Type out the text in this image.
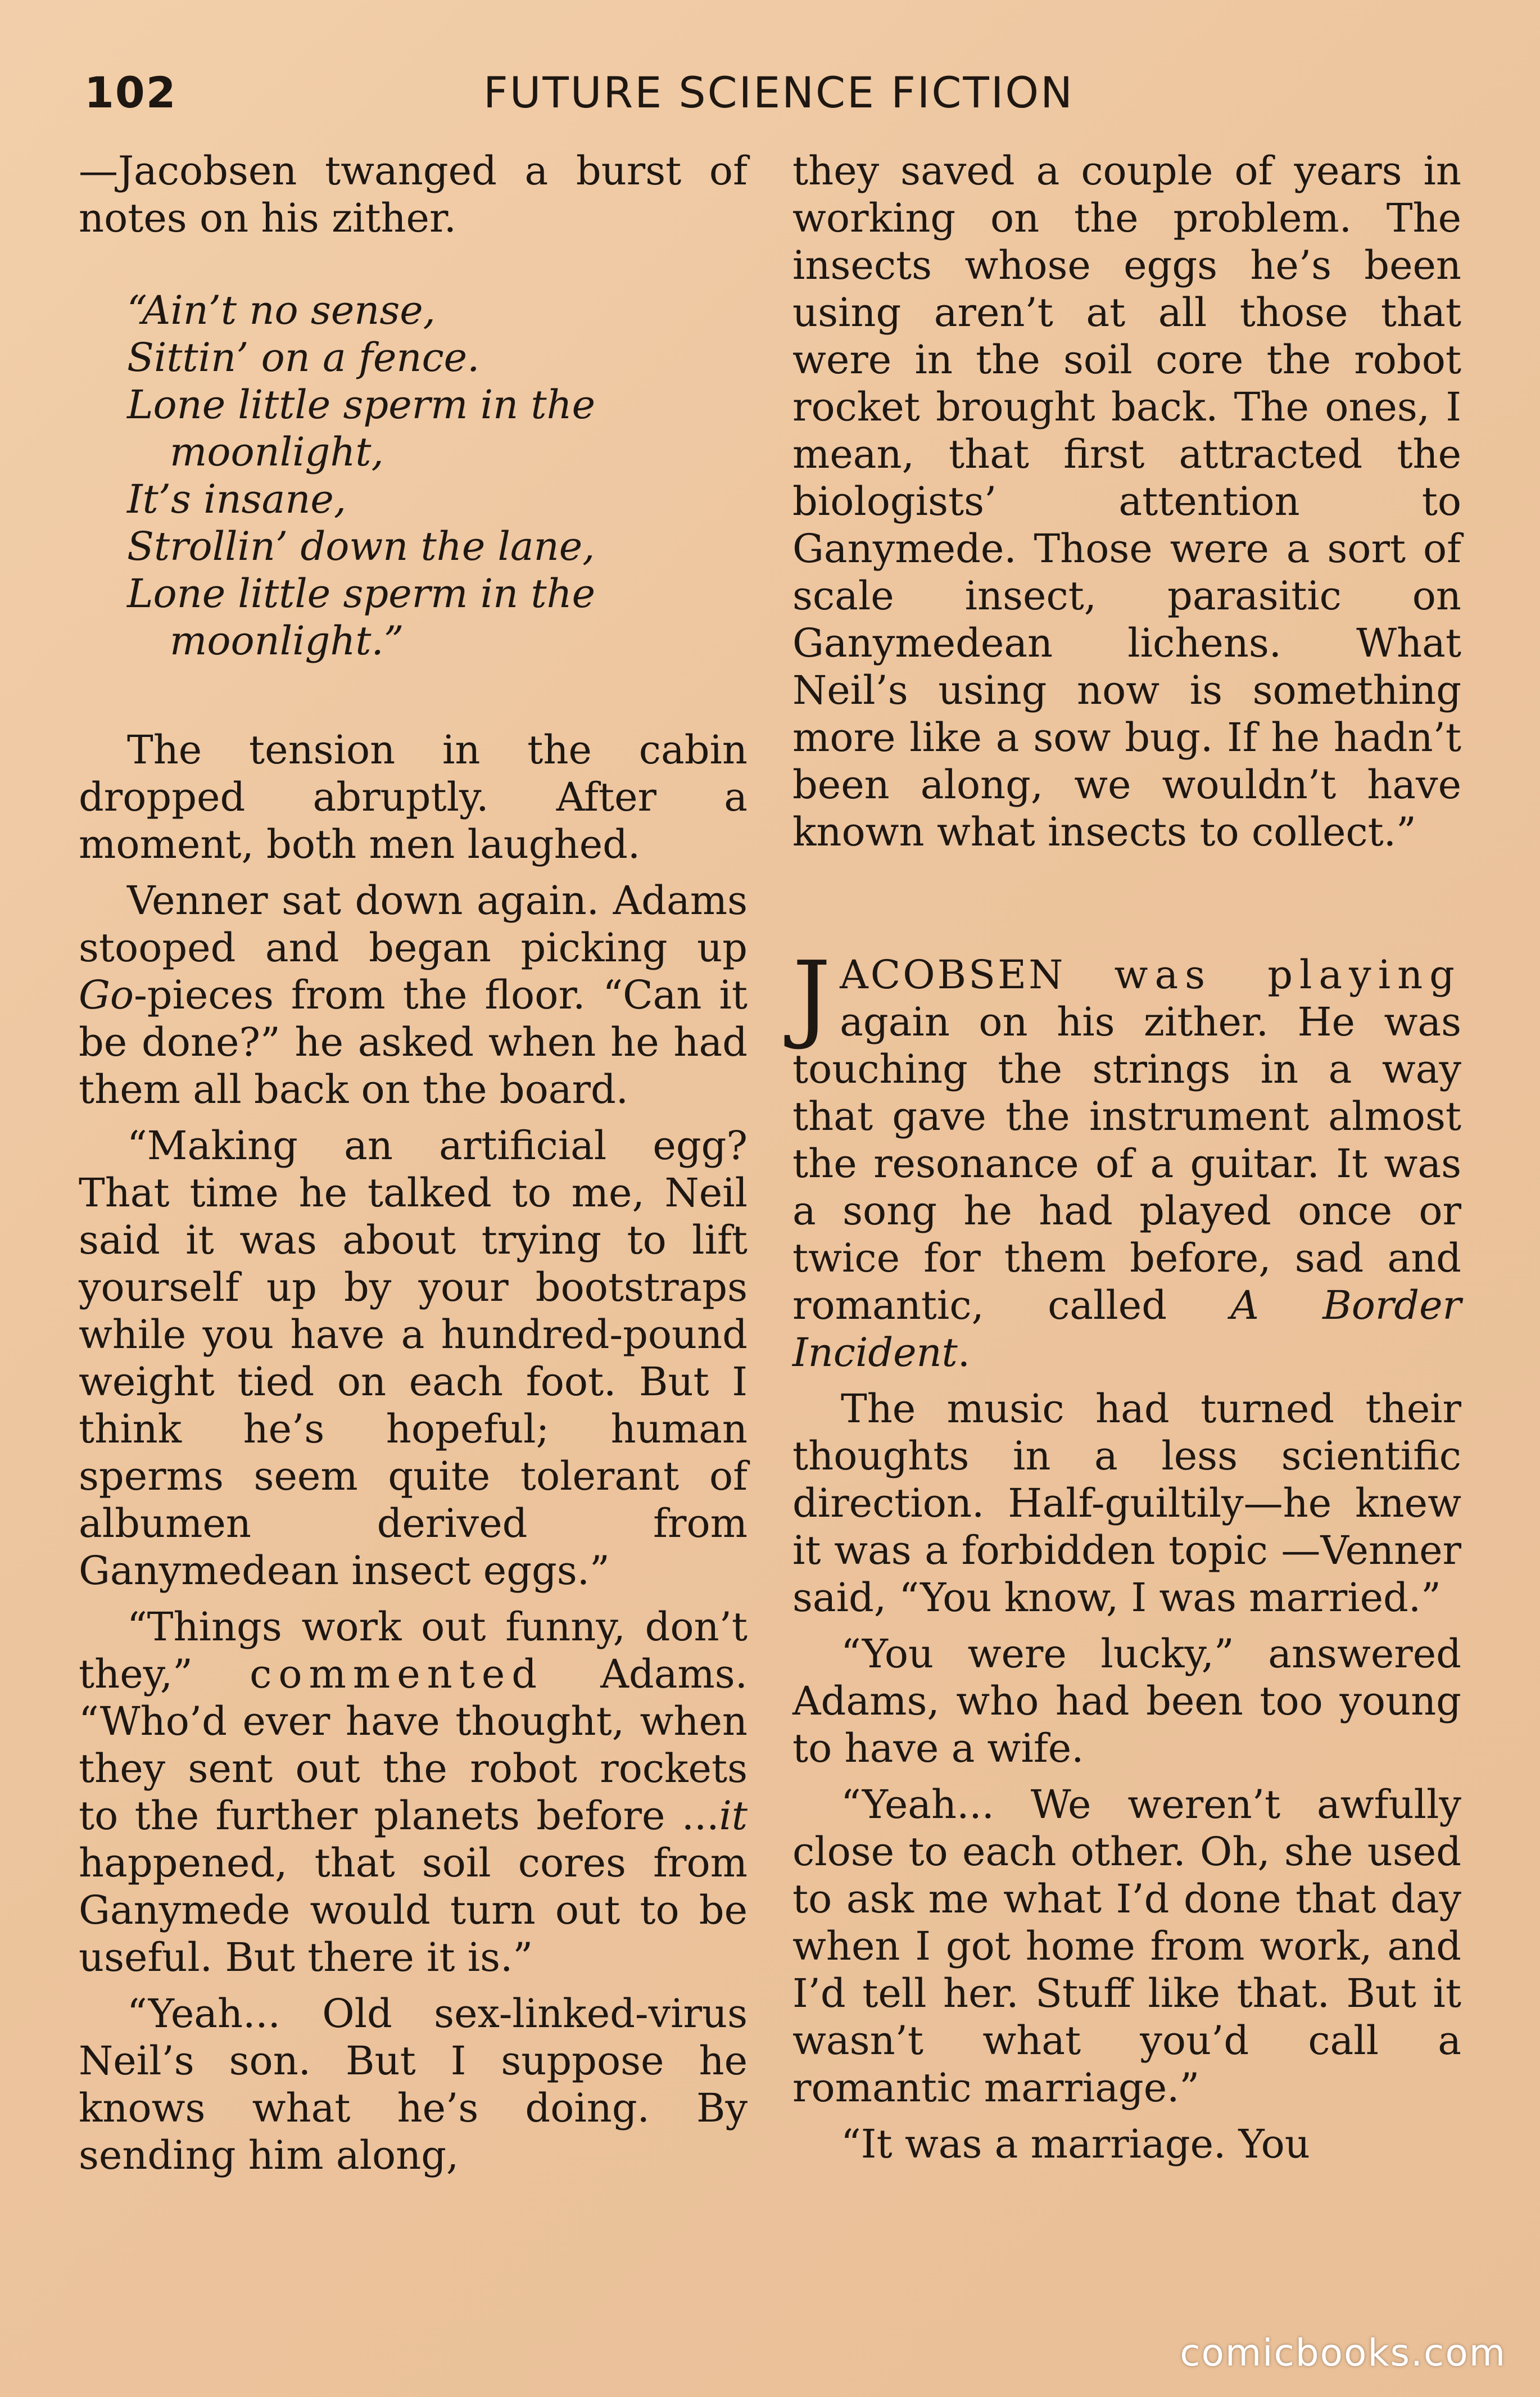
102	FUTURE SCIENCE FICTION

—Jacobsen twanged a burst of notes on his zither.

“Ain’t no sense,
Sittin’ on a fence.
Lone little sperm in the
moonlight,
It’s insane,
Strollin’ down the lane,
Lone little sperm in the
moonlight.”

The tension in the cabin dropped abruptly. After a moment, both men laughed.

Venner sat down again. Adams stooped and began picking up Go-pieces from the floor. “Can it be done?” he asked when he had them all back on the board.

“Making an artificial egg? That time he talked to me, Neil said it was about trying to lift yourself up by your bootstraps while you have a hundred-pound weight tied on each foot. But I think he’s hopeful; human sperms seem quite tolerant of albumen derived from Ganymedean insect eggs.”

“Things work out funny, don’t they,” commented Adams. “Who’d ever have thought, when they sent out the robot rockets to the further planets before ...it happened, that soil cores from Ganymede would turn out to be useful. But there it is.”

“Yeah... Old sex-linked-virus Neil’s son. But I suppose he knows what he’s doing. By sending him along,

they saved a couple of years in working on the problem. The insects whose eggs he’s been using aren’t at all those that were in the soil core the robot rocket brought back. The ones, I mean, that first attracted the biologists’ attention to Ganymede. Those were a sort of scale insect, parasitic on Ganymedean lichens. What Neil’s using now is something more like a sow bug. If he hadn’t been along, we wouldn’t have known what insects to collect.”

JACOBSEN was playing again on his zither. He was touching the strings in a way that gave the instrument almost the resonance of a guitar. It was a song he had played once or twice for them before, sad and romantic, called A Border Incident.

The music had turned their thoughts in a less scientific direction. Half-guiltily—he knew it was a forbidden topic —Venner said, “You know, I was married.”

“You were lucky,” answered Adams, who had been too young to have a wife.

“Yeah... We weren’t awfully close to each other. Oh, she used to ask me what I’d done that day when I got home from work, and I’d tell her. Stuff like that. But it wasn’t what you’d call a romantic marriage.”

“It was a marriage. You

comicbooks.com
